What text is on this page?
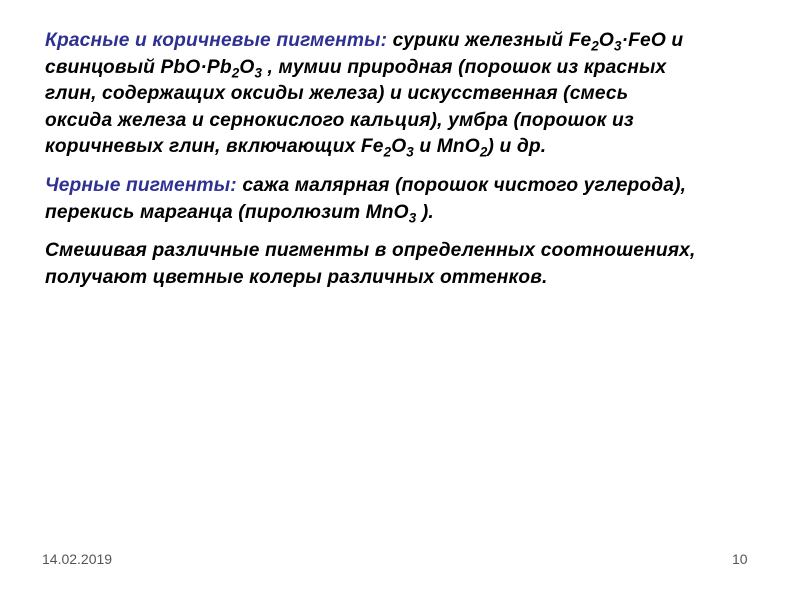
Красные и коричневые пигменты: сурики железный $Fe_2O_3\cdot FeO$ и
свинцовый $PbO\cdot Pb_2O_3$ , мумии природная (порошок из красных
глин, содержащих оксиды железа) и искусственная (смесь
оксида железа и сернокислого кальция), умбра (порошок из
коричневых глин, включающих $Fe_2O_3$ и MnO$_2$) и др.

Черные пигменты: сажа малярная (порошок чистого углерода),
перекись марганца (пиролюзит MnO$_3$ ).

Смешивая различные пигменты в определенных соотношениях,
получают цветные колеры различных оттенков.

14.02.2019	10
